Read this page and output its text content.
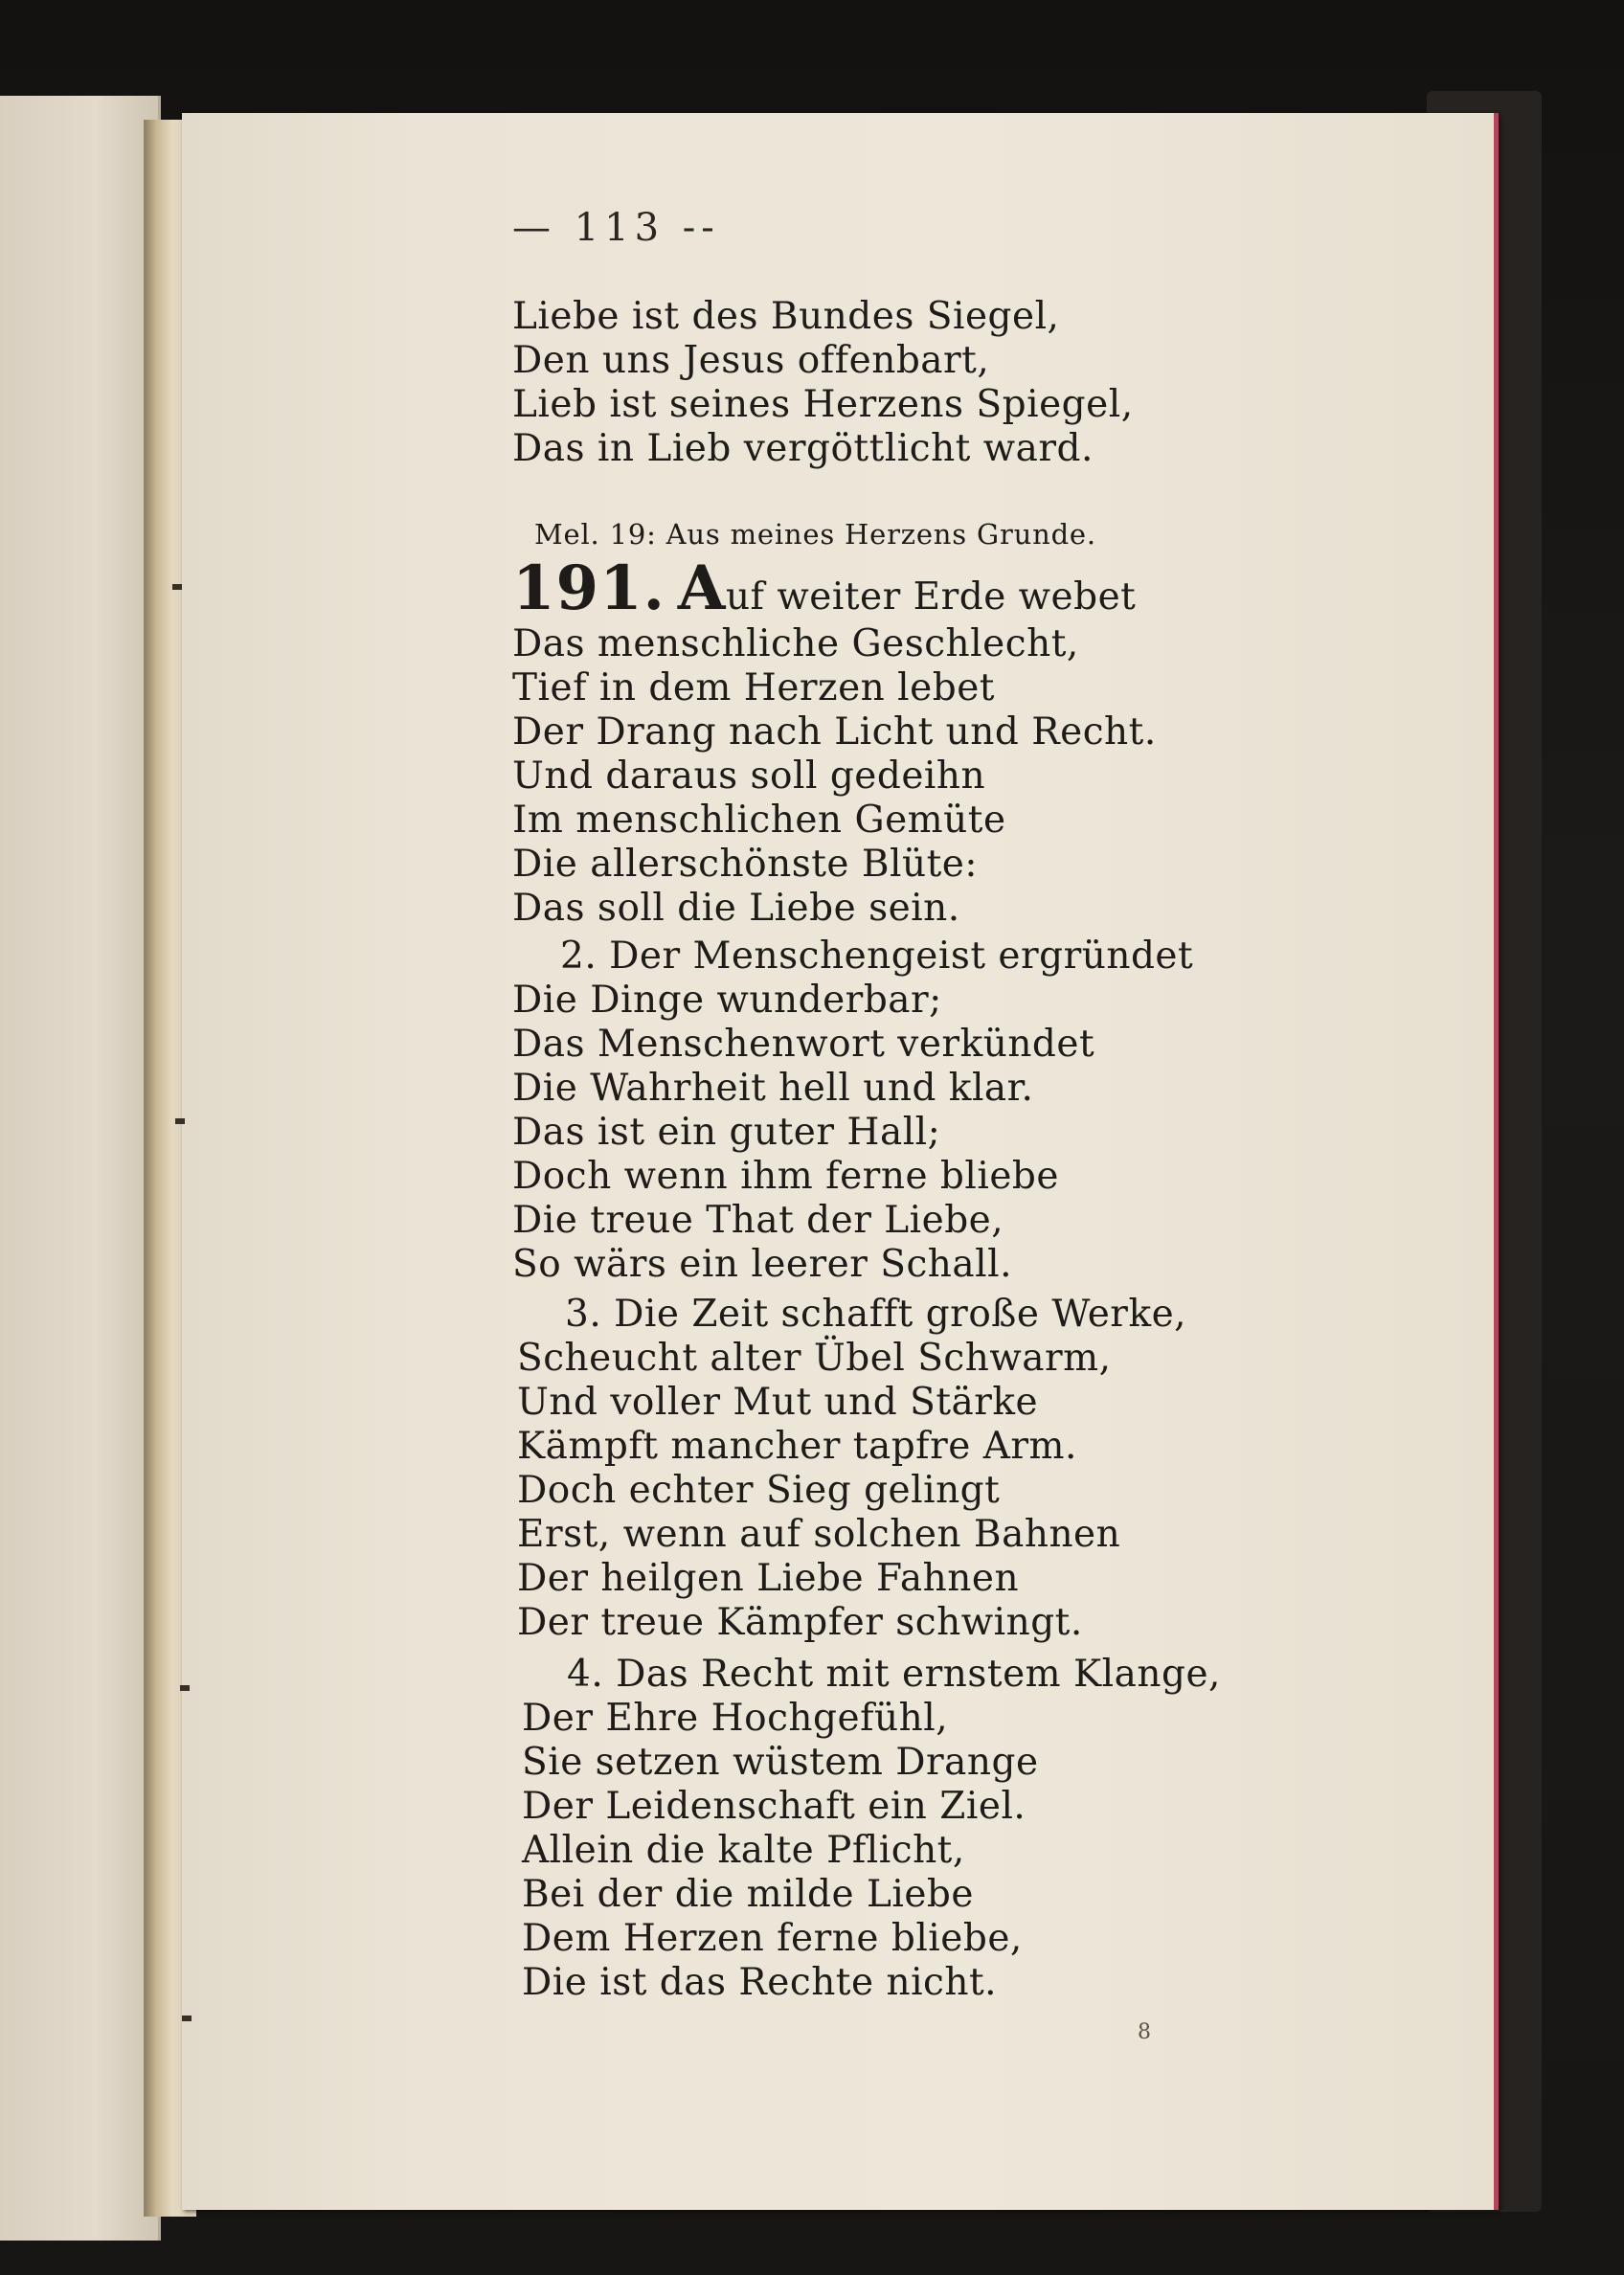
— 113 --
Liebe ist des Bundes Siegel,
Den uns Jesus offenbart,
Lieb ist seines Herzens Spiegel,
Das in Lieb vergöttlicht ward.
Mel. 19: Aus meines Herzens Grunde.
191. Auf weiter Erde webet
Das menschliche Geschlecht,
Tief in dem Herzen lebet
Der Drang nach Licht und Recht.
Und daraus soll gedeihn
Im menschlichen Gemüte
Die allerschönste Blüte:
Das soll die Liebe sein.
2. Der Menschengeist ergründet
Die Dinge wunderbar;
Das Menschenwort verkündet
Die Wahrheit hell und klar.
Das ist ein guter Hall;
Doch wenn ihm ferne bliebe
Die treue That der Liebe,
So wärs ein leerer Schall.
3. Die Zeit schafft große Werke,
Scheucht alter Übel Schwarm,
Und voller Mut und Stärke
Kämpft mancher tapfre Arm.
Doch echter Sieg gelingt
Erst, wenn auf solchen Bahnen
Der heilgen Liebe Fahnen
Der treue Kämpfer schwingt.
4. Das Recht mit ernstem Klange,
Der Ehre Hochgefühl,
Sie setzen wüstem Drange
Der Leidenschaft ein Ziel.
Allein die kalte Pflicht,
Bei der die milde Liebe
Dem Herzen ferne bliebe,
Die ist das Rechte nicht.
8
